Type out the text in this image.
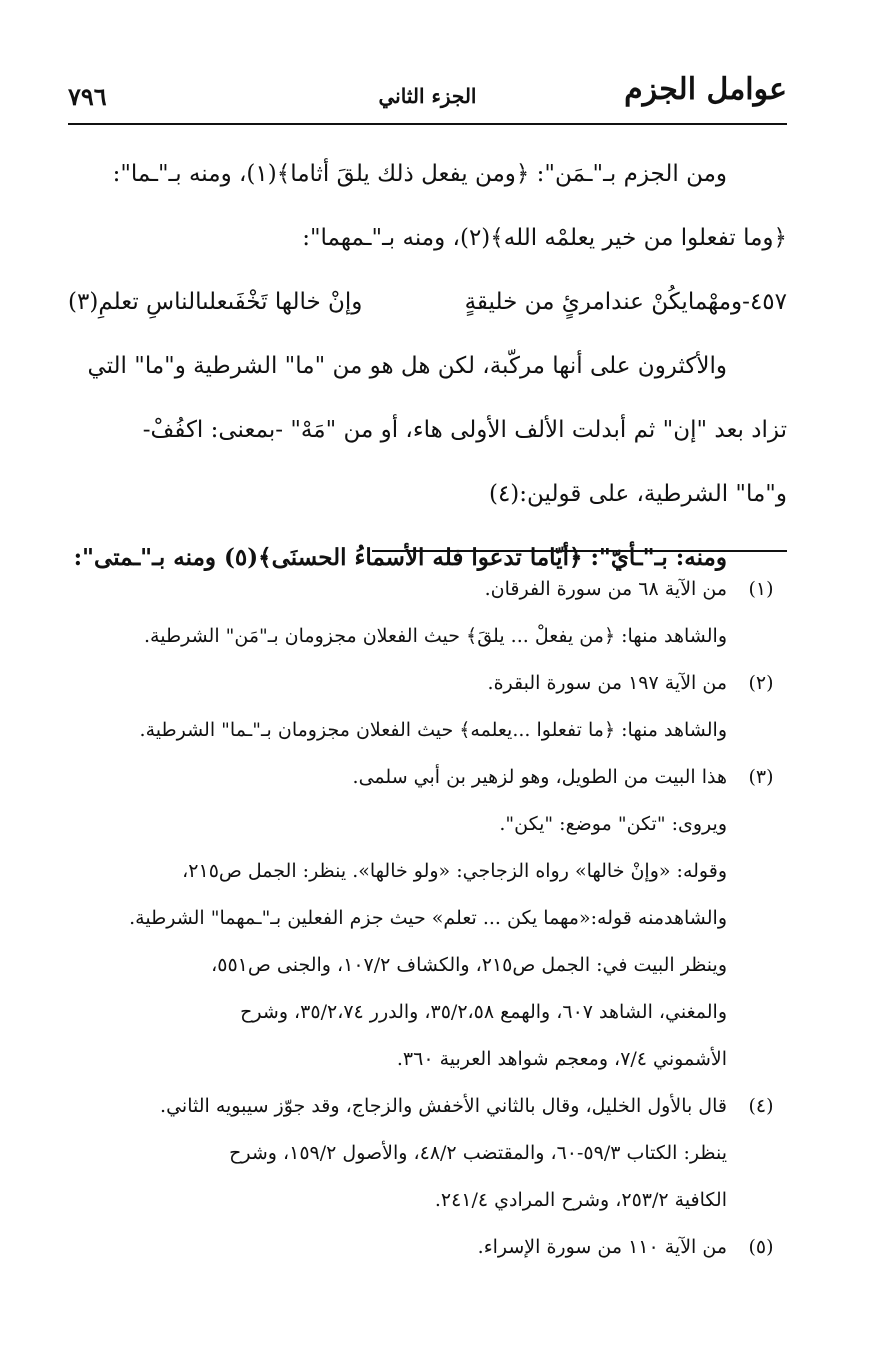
عوامل الجزم
الجزء الثاني
٧٩٦
ومن الجزم بـ"ـمَن": ﴿ومن يفعل ذلك يلقَ أثاما﴾(١)، ومنه بـ"ـما":
﴿وما تفعلوا من خير يعلمْه الله﴾(٢)، ومنه بـ"ـمهما":
٤٥٧-ومهْمايكُنْ عندامرئٍ من خليقةٍ
وإنْ خالها تَخْفَىعلىالناسِ تعلمِ(٣)
والأكثرون على أنها مركّبة، لكن هل هو من "ما" الشرطية و"ما" التي
تزاد بعد "إن" ثم أبدلت الألف الأولى هاء، أو من "مَهْ" -بمعنى: اكفُفْ-
و"ما" الشرطية، على قولين:(٤)
ومنه: بـ"ـأيّ": ﴿أيّاما تدعوا فله الأسماءُ الحسنَى﴾(٥) ومنه بـ"ـمتى":
(١)
من الآية ٦٨ من سورة الفرقان.
والشاهد منها: ﴿من يفعلْ ... يلقَ﴾ حيث الفعلان مجزومان بـ"مَن" الشرطية.
(٢)
من الآية ١٩٧ من سورة البقرة.
والشاهد منها: ﴿ما تفعلوا ...يعلمه﴾ حيث الفعلان مجزومان بـ"ـما" الشرطية.
(٣)
هذا البيت من الطويل، وهو لزهير بن أبي سلمى.
ويروى: "تكن" موضع: "يكن".
وقوله: «وإنْ خالها» رواه الزجاجي: «ولو خالها». ينظر: الجمل ص٢١٥،
والشاهدمنه قوله:«مهما يكن ... تعلم» حيث جزم الفعلين بـ"ـمهما" الشرطية.
وينظر البيت في: الجمل ص٢١٥، والكشاف ١٠٧/٢، والجنى ص٥٥١،
والمغني، الشاهد ٦٠٧، والهمع ٣٥/٢،٥٨، والدرر ٣٥/٢،٧٤، وشرح
الأشموني ٧/٤، ومعجم شواهد العربية ٣٦٠.
(٤)
قال بالأول الخليل، وقال بالثاني الأخفش والزجاج، وقد جوّز سيبويه الثاني.
ينظر: الكتاب ٥٩/٣-٦٠، والمقتضب ٤٨/٢، والأصول ١٥٩/٢، وشرح
الكافية ٢٥٣/٢، وشرح المرادي ٢٤١/٤.
(٥)
من الآية ١١٠ من سورة الإسراء.
